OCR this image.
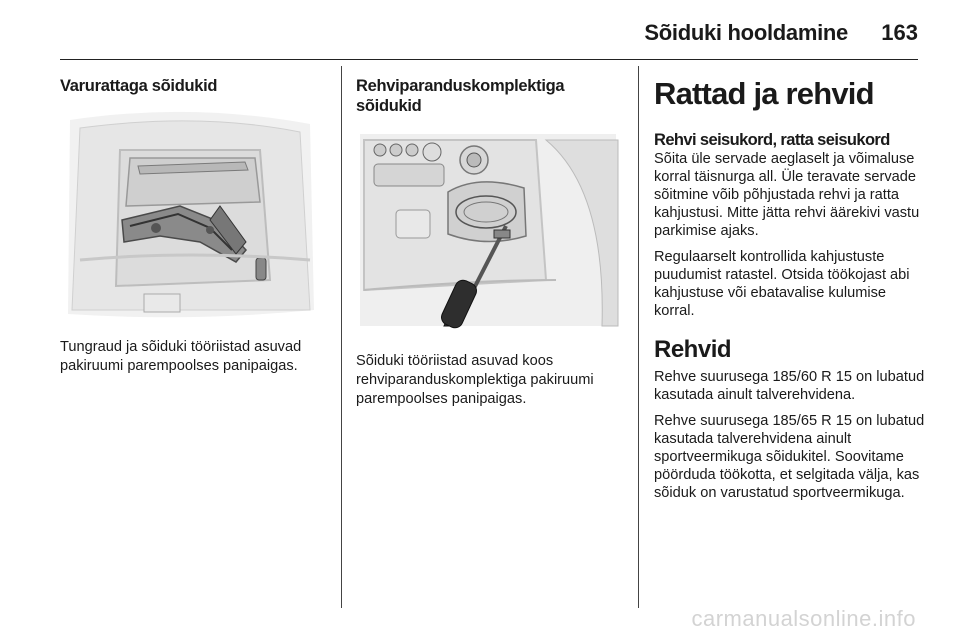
Sõiduki hooldamine 163
Varurattaga sõidukid

Tungraud ja sõiduki tööriistad asuvad pakiruumi parempoolses panipaigas.

Rehviparanduskomplektiga sõidukid

Sõiduki tööriistad asuvad koos rehviparanduskomplektiga pakiruumi parempoolses panipaigas.

Rattad ja rehvid
Rehvi seisukord, ratta seisukord

Sõita üle servade aeglaselt ja võimaluse korral täisnurga all. Üle teravate servade sõitmine võib põhjustada rehvi ja ratta kahjustusi. Mitte jätta rehvi äärekivi vastu parkimise ajaks.

Regulaarselt kontrollida kahjustuste puudumist ratastel. Otsida töökojast abi kahjustuse või ebatavalise kulumise korral.

Rehvid

Rehve suurusega 185/60 R 15 on lubatud kasutada ainult talverehvidena.

Rehve suurusega 185/65 R 15 on lubatud kasutada talverehvidena ainult sportveermikuga sõidukitel. Soovitame pöörduda töökotta, et selgitada välja, kas sõiduk on varustatud sportveermikuga.

carmanualsonline.info
